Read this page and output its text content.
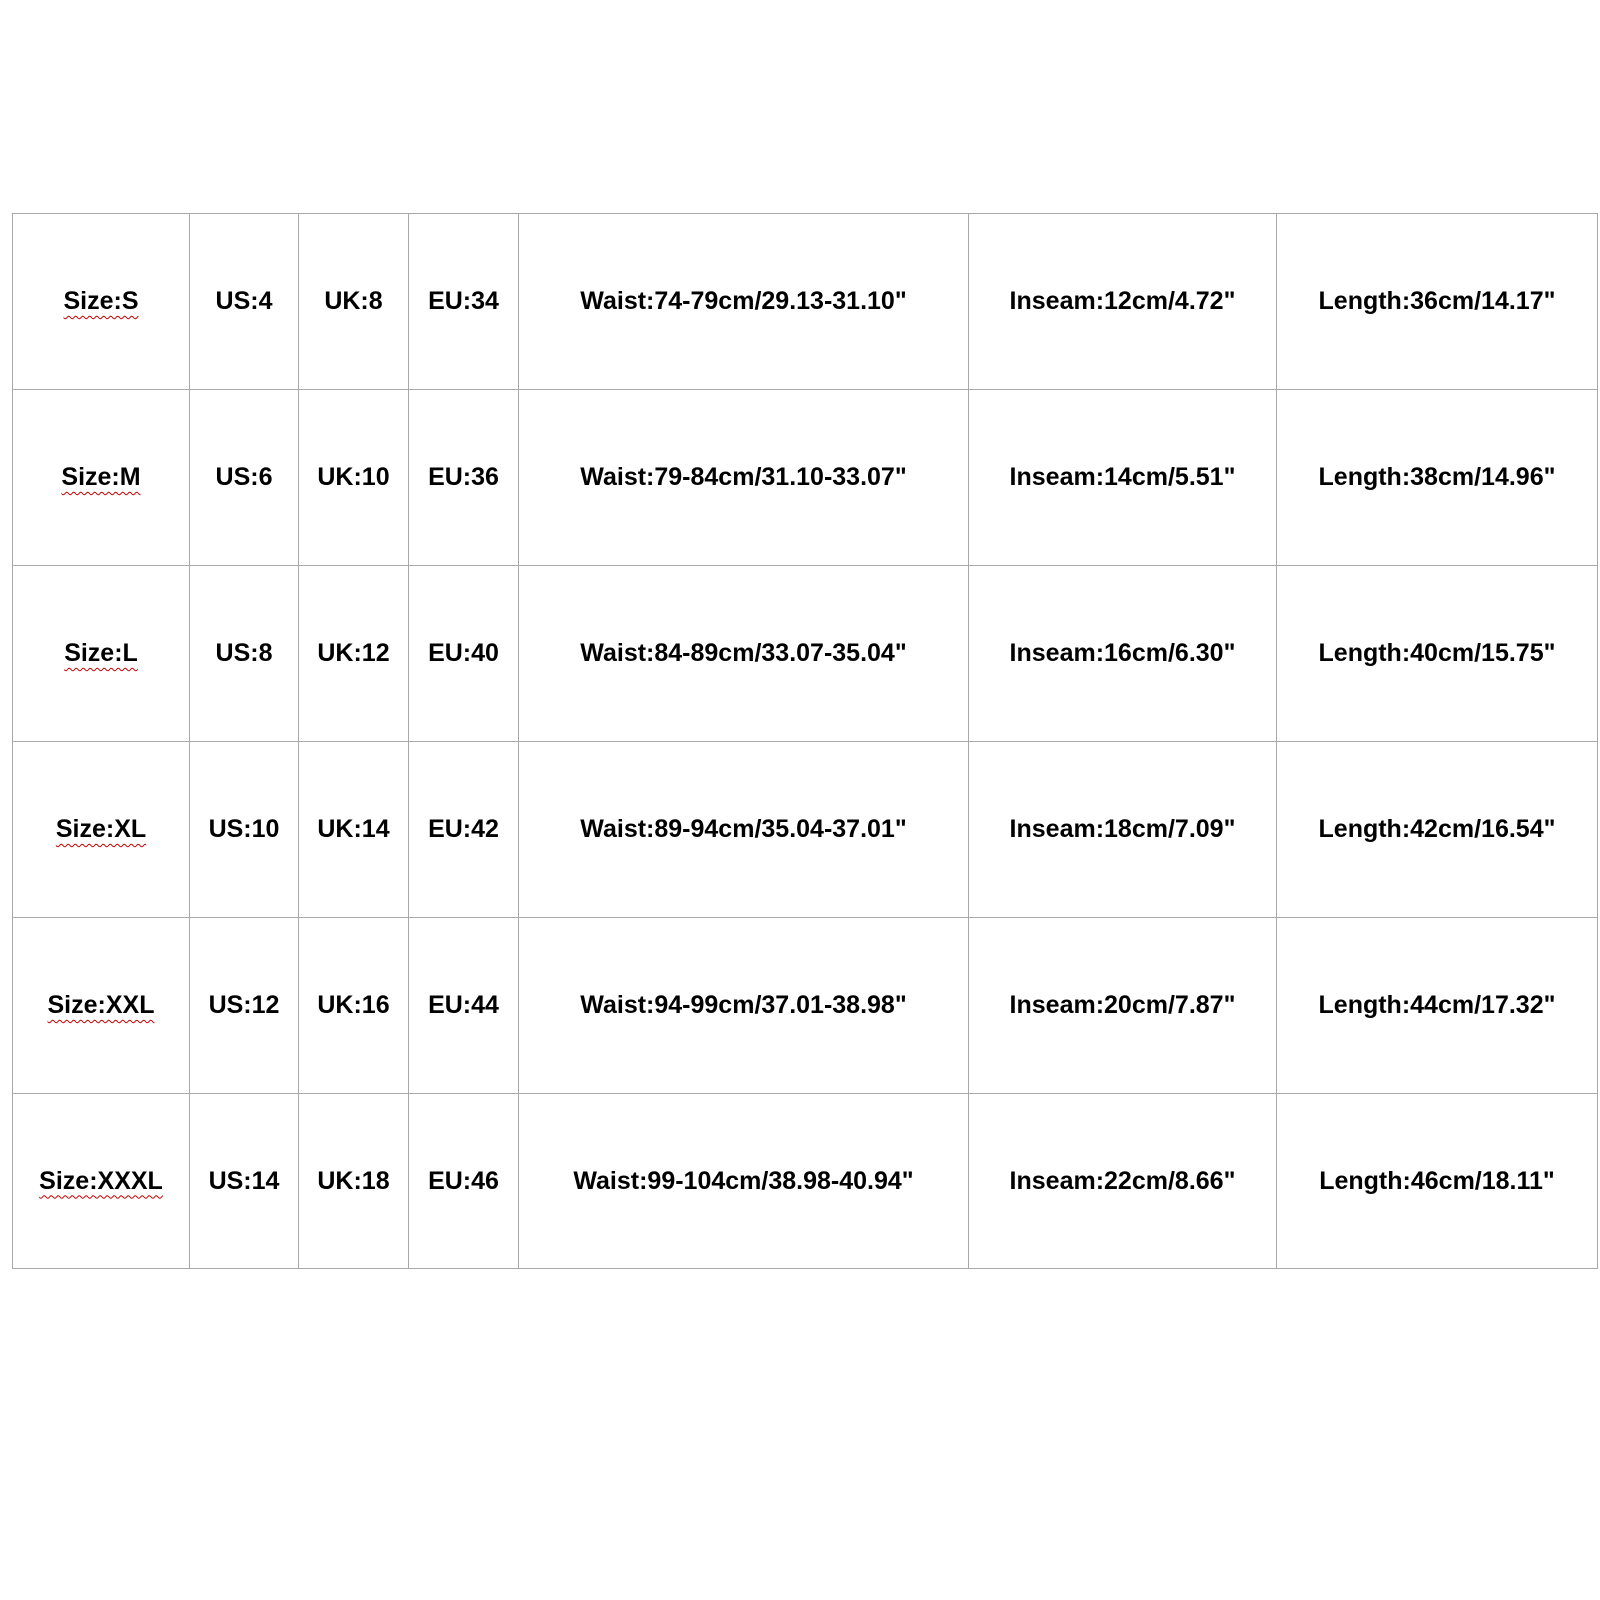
Size:S	US:4	UK:8	EU:34	Waist:74-79cm/29.13-31.10"	Inseam:12cm/4.72"	Length:36cm/14.17"
Size:M	US:6	UK:10	EU:36	Waist:79-84cm/31.10-33.07"	Inseam:14cm/5.51"	Length:38cm/14.96"
Size:L	US:8	UK:12	EU:40	Waist:84-89cm/33.07-35.04"	Inseam:16cm/6.30"	Length:40cm/15.75"
Size:XL	US:10	UK:14	EU:42	Waist:89-94cm/35.04-37.01"	Inseam:18cm/7.09"	Length:42cm/16.54"
Size:XXL	US:12	UK:16	EU:44	Waist:94-99cm/37.01-38.98"	Inseam:20cm/7.87"	Length:44cm/17.32"
Size:XXXL	US:14	UK:18	EU:46	Waist:99-104cm/38.98-40.94"	Inseam:22cm/8.66"	Length:46cm/18.11"
